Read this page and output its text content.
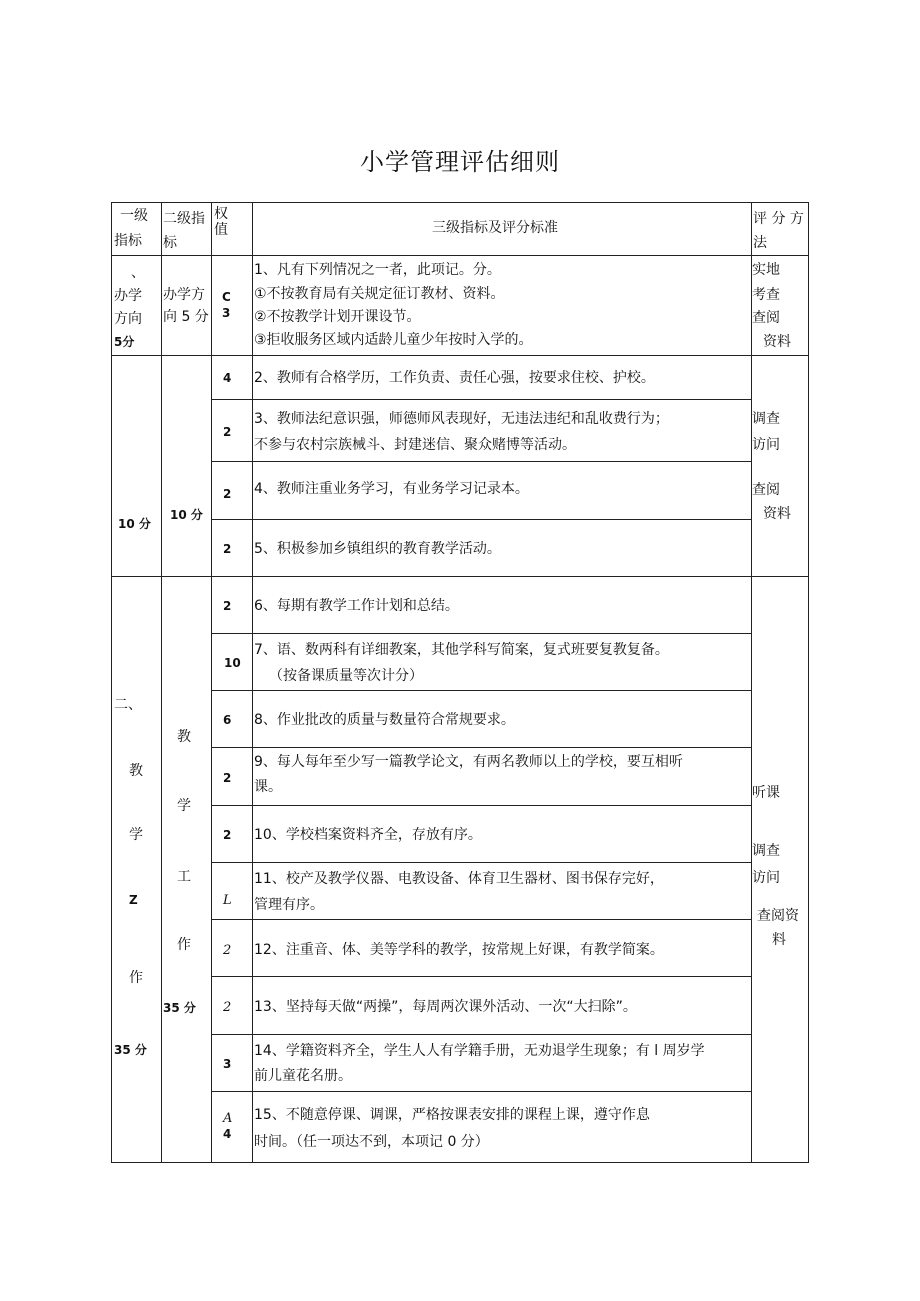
小学管理评估细则
一级
指标
二级指
标
权
值	三级指标及评分标准
评 分 方
法
、
办学
方向
5分
办学方
向 5 分
C
3
1、凡有下列情况之一者，此项记。分。
①不按教育局有关规定征订教材、资料。
②不按教学计划开课设节。
③拒收服务区域内适龄儿童少年按时入学的。
实地
考查
查阅
资料
10 分
10 分
4 2、教师有合格学历，工作负责、责任心强，按要求住校、护校。
2
3、教师法纪意识强，师德师风表现好，无违法违纪和乱收费行为；
不参与农村宗族械斗、封建迷信、聚众赌博等活动。
2 4、教师注重业务学习，有业务学习记录本。
2 5、积极参加乡镇组织的教育教学活动。
调查
访问
查阅
资料
二、
教
学
Z
作
35 分
教
学
工
作
35 分
2
10
6
2
2
L
2
2
3
A
4
6、每期有教学工作计划和总结。
7、语、数两科有详细教案，其他学科写简案，复式班要复教复备。
（按备课质量等次计分）
8、作业批改的质量与数量符合常规要求。
9、每人每年至少写一篇教学论文，有两名教师以上的学校，要互相听
课。
10、学校档案资料齐全，存放有序。
11、校产及教学仪器、电教设备、体育卫生器材、图书保存完好，
管理有序。
12、注重音、体、美等学科的教学，按常规上好课，有教学简案。
13、坚持每天做“两操”，每周两次课外活动、一次“大扫除”。
14、学籍资料齐全，学生人人有学籍手册，无劝退学生现象；有 l 周岁学
前儿童花名册。
15、不随意停课、调课，严格按课表安排的课程上课，遵守作息
时间。（任一项达不到，本项记 0 分）
听课
调查
访问
查阅资
料
